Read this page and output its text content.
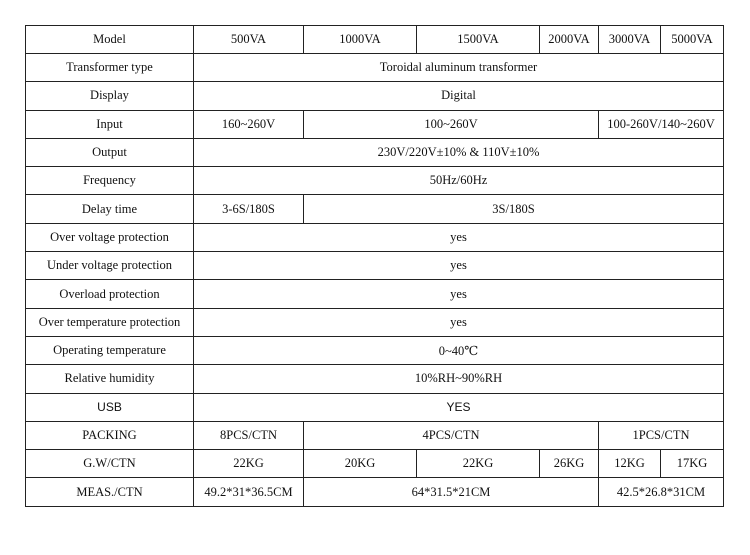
Model	500VA	1000VA	1500VA	2000VA	3000VA	5000VA
Transformer type	Toroidal aluminum transformer					
Display	Digital					
Input	160~260V	100~260V			100-260V/140~260V	
Output	230V/220V±10% & 110V±10%					
Frequency	50Hz/60Hz					
Delay time	3-6S/180S	3S/180S				
Over voltage protection	yes					
Under voltage protection	yes					
Overload protection	yes					
Over temperature protection	yes					
Operating temperature	0~40℃					
Relative humidity	10%RH~90%RH					
USB	YES					
PACKING	8PCS/CTN	4PCS/CTN			1PCS/CTN	
G.W/CTN	22KG	20KG	22KG	26KG	12KG	17KG
MEAS./CTN	49.2*31*36.5CM	64*31.5*21CM			42.5*26.8*31CM	
